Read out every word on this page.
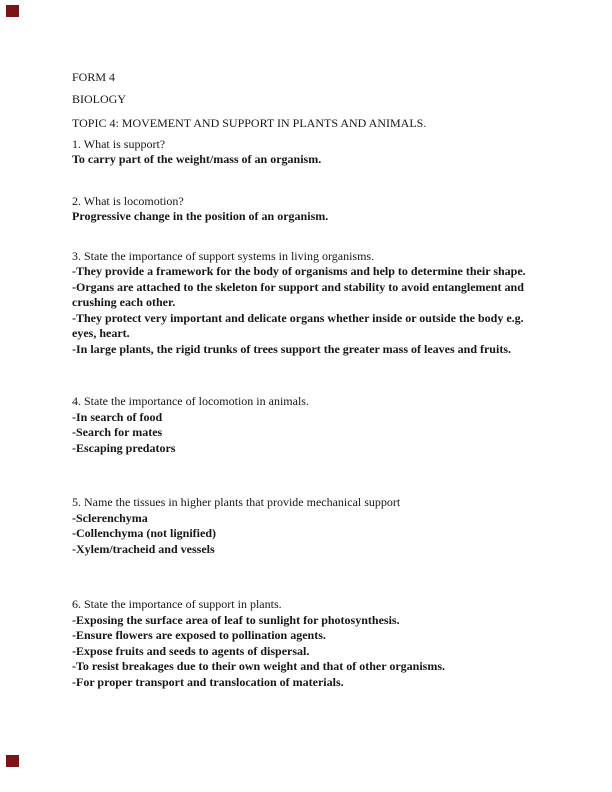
FORM 4

BIOLOGY

TOPIC 4: MOVEMENT AND SUPPORT IN PLANTS AND ANIMALS.

1. What is support?

To carry part of the weight/mass of an organism.

2. What is locomotion?

Progressive change in the position of an organism.

3. State the importance of support systems in living organisms.

-They provide a framework for the body of organisms and help to determine their shape.

-Organs are attached to the skeleton for support and stability to avoid entanglement and crushing each other.

-They protect very important and delicate organs whether inside or outside the body e.g. eyes, heart.

-In large plants, the rigid trunks of trees support the greater mass of leaves and fruits.

4. State the importance of locomotion in animals.

-In search of food

-Search for mates

-Escaping predators

5. Name the tissues in higher plants that provide mechanical support

-Sclerenchyma

-Collenchyma (not lignified)

-Xylem/tracheid and vessels

6. State the importance of support in plants.

-Exposing the surface area of leaf to sunlight for photosynthesis.

-Ensure flowers are exposed to pollination agents.

-Expose fruits and seeds to agents of dispersal.

-To resist breakages due to their own weight and that of other organisms.

-For proper transport and translocation of materials.
